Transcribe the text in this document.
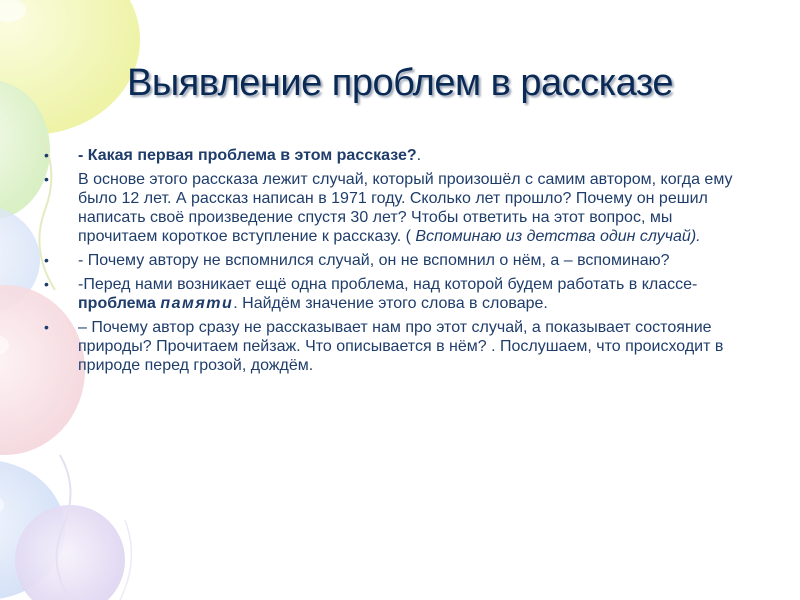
Выявление проблем в рассказе
• - Какая первая проблема в этом рассказе?.
• В основе этого рассказа лежит случай, который произошёл с самим автором, когда ему было 12 лет. А рассказ написан в 1971 году. Сколько лет прошло? Почему он решил написать своё произведение спустя 30 лет? Чтобы ответить на этот вопрос, мы прочитаем короткое вступление к рассказу. ( Вспоминаю из детства один случай).
• - Почему автору не вспомнился случай, он не вспомнил о нём, а – вспоминаю?
• -Перед нами возникает ещё одна проблема, над которой будем работать в классе- проблема памяти. Найдём значение этого слова в словаре.
• – Почему автор сразу не рассказывает нам про этот случай, а показывает состояние природы? Прочитаем пейзаж. Что описывается в нём? . Послушаем, что происходит в природе перед грозой, дождём.
